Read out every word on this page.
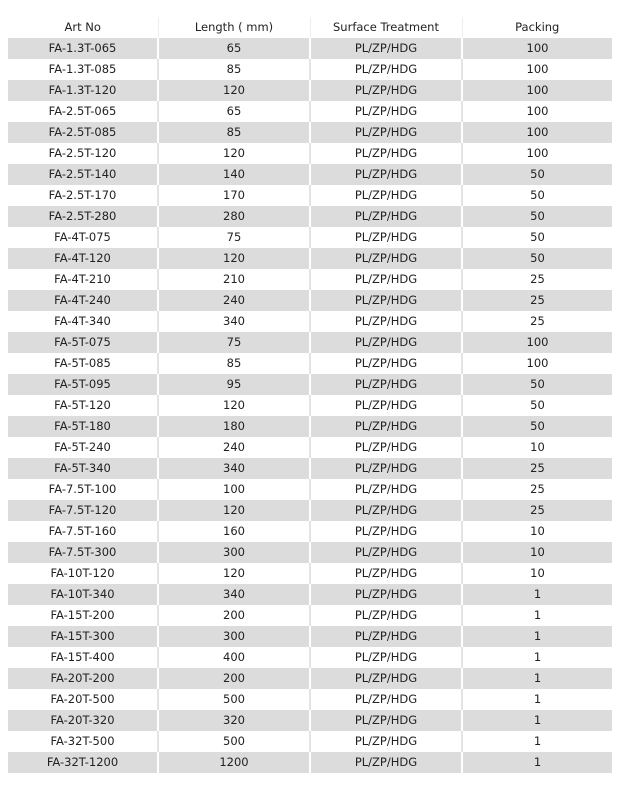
Art No	Length ( mm)	Surface Treatment	Packing
FA-1.3T-065	65	PL/ZP/HDG	100
FA-1.3T-085	85	PL/ZP/HDG	100
FA-1.3T-120	120	PL/ZP/HDG	100
FA-2.5T-065	65	PL/ZP/HDG	100
FA-2.5T-085	85	PL/ZP/HDG	100
FA-2.5T-120	120	PL/ZP/HDG	100
FA-2.5T-140	140	PL/ZP/HDG	50
FA-2.5T-170	170	PL/ZP/HDG	50
FA-2.5T-280	280	PL/ZP/HDG	50
FA-4T-075	75	PL/ZP/HDG	50
FA-4T-120	120	PL/ZP/HDG	50
FA-4T-210	210	PL/ZP/HDG	25
FA-4T-240	240	PL/ZP/HDG	25
FA-4T-340	340	PL/ZP/HDG	25
FA-5T-075	75	PL/ZP/HDG	100
FA-5T-085	85	PL/ZP/HDG	100
FA-5T-095	95	PL/ZP/HDG	50
FA-5T-120	120	PL/ZP/HDG	50
FA-5T-180	180	PL/ZP/HDG	50
FA-5T-240	240	PL/ZP/HDG	10
FA-5T-340	340	PL/ZP/HDG	25
FA-7.5T-100	100	PL/ZP/HDG	25
FA-7.5T-120	120	PL/ZP/HDG	25
FA-7.5T-160	160	PL/ZP/HDG	10
FA-7.5T-300	300	PL/ZP/HDG	10
FA-10T-120	120	PL/ZP/HDG	10
FA-10T-340	340	PL/ZP/HDG	1
FA-15T-200	200	PL/ZP/HDG	1
FA-15T-300	300	PL/ZP/HDG	1
FA-15T-400	400	PL/ZP/HDG	1
FA-20T-200	200	PL/ZP/HDG	1
FA-20T-500	500	PL/ZP/HDG	1
FA-20T-320	320	PL/ZP/HDG	1
FA-32T-500	500	PL/ZP/HDG	1
FA-32T-1200	1200	PL/ZP/HDG	1
